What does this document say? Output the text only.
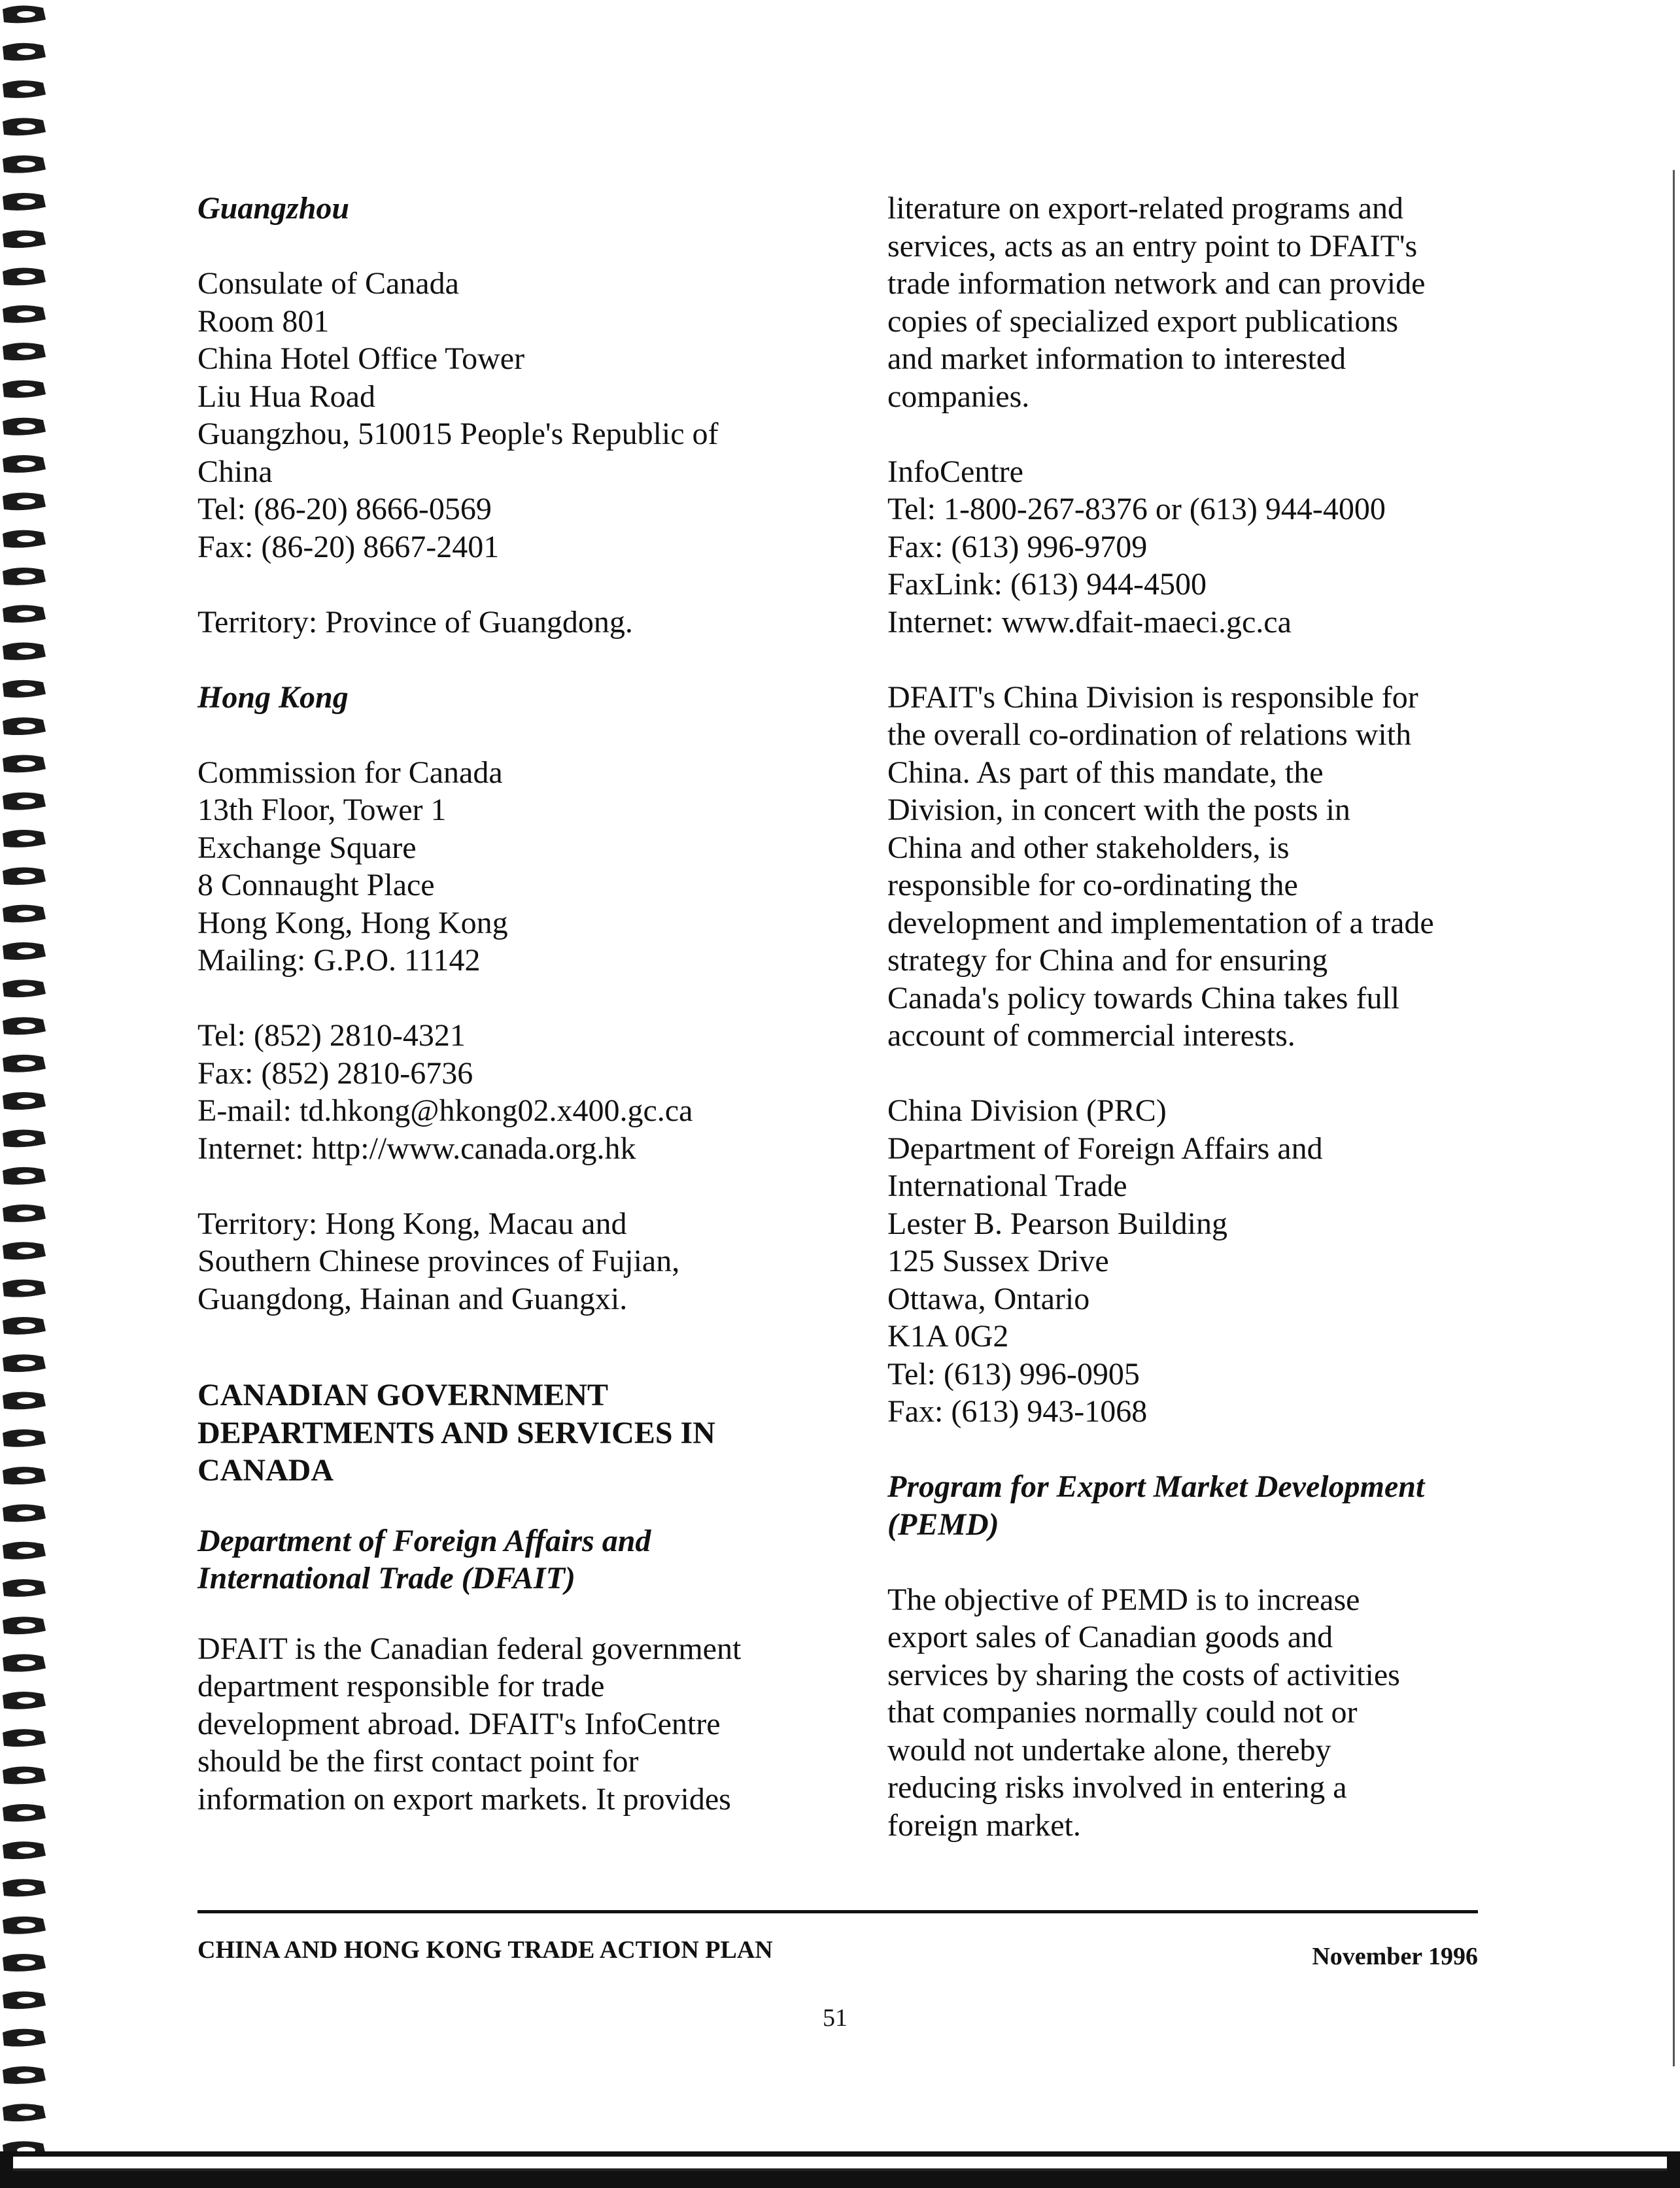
Guangzhou

Consulate of Canada
Room 801
China Hotel Office Tower
Liu Hua Road
Guangzhou, 510015 People's Republic of
China
Tel: (86-20) 8666-0569
Fax: (86-20) 8667-2401

Territory: Province of Guangdong.

Hong Kong

Commission for Canada
13th Floor, Tower 1
Exchange Square
8 Connaught Place
Hong Kong, Hong Kong
Mailing: G.P.O. 11142

Tel: (852) 2810-4321
Fax: (852) 2810-6736
E-mail: td.hkong@hkong02.x400.gc.ca
Internet: http://www.canada.org.hk

Territory: Hong Kong, Macau and
Southern Chinese provinces of Fujian,
Guangdong, Hainan and Guangxi.

CANADIAN GOVERNMENT
DEPARTMENTS AND SERVICES IN
CANADA

Department of Foreign Affairs and
International Trade (DFAIT)

DFAIT is the Canadian federal government
department responsible for trade
development abroad. DFAIT's InfoCentre
should be the first contact point for
information on export markets. It provides

literature on export-related programs and
services, acts as an entry point to DFAIT's
trade information network and can provide
copies of specialized export publications
and market information to interested
companies.

InfoCentre
Tel: 1-800-267-8376 or (613) 944-4000
Fax: (613) 996-9709
FaxLink: (613) 944-4500
Internet: www.dfait-maeci.gc.ca

DFAIT's China Division is responsible for
the overall co-ordination of relations with
China. As part of this mandate, the
Division, in concert with the posts in
China and other stakeholders, is
responsible for co-ordinating the
development and implementation of a trade
strategy for China and for ensuring
Canada's policy towards China takes full
account of commercial interests.

China Division (PRC)
Department of Foreign Affairs and
International Trade
Lester B. Pearson Building
125 Sussex Drive
Ottawa, Ontario
K1A 0G2
Tel: (613) 996-0905
Fax: (613) 943-1068

Program for Export Market Development
(PEMD)

The objective of PEMD is to increase
export sales of Canadian goods and
services by sharing the costs of activities
that companies normally could not or
would not undertake alone, thereby
reducing risks involved in entering a
foreign market.

CHINA AND HONG KONG TRADE ACTION PLAN	November 1996
51
